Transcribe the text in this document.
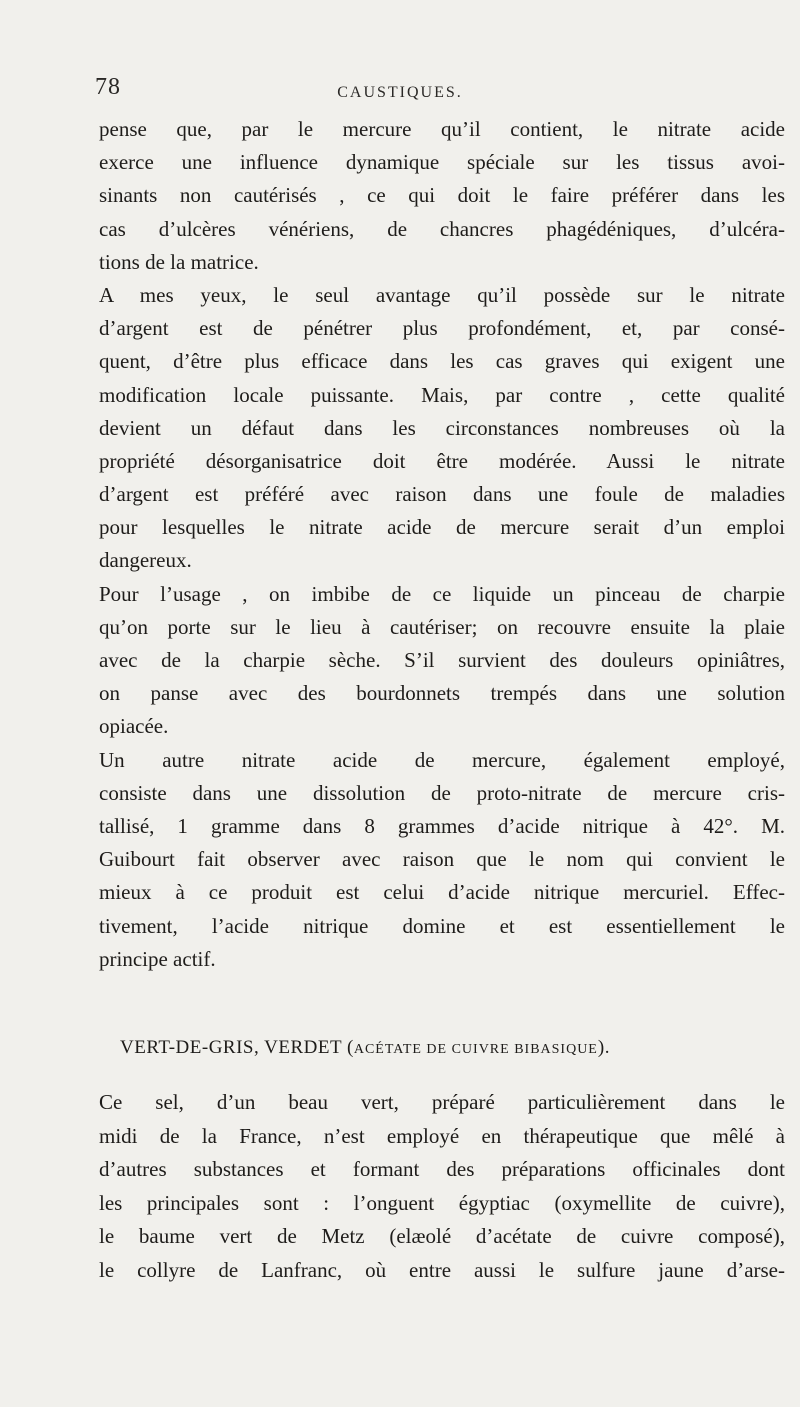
78	CAUSTIQUES.
pense que, par le mercure qu’il contient, le nitrate acide
exerce une influence dynamique spéciale sur les tissus avoi-
sinants non cautérisés , ce qui doit le faire préférer dans les
cas d’ulcères vénériens, de chancres phagédéniques, d’ulcéra-
tions de la matrice.
A mes yeux, le seul avantage qu’il possède sur le nitrate
d’argent est de pénétrer plus profondément, et, par consé-
quent, d’être plus efficace dans les cas graves qui exigent une
modification locale puissante. Mais, par contre , cette qualité
devient un défaut dans les circonstances nombreuses où la
propriété désorganisatrice doit être modérée. Aussi le nitrate
d’argent est préféré avec raison dans une foule de maladies
pour lesquelles le nitrate acide de mercure serait d’un emploi
dangereux.
Pour l’usage , on imbibe de ce liquide un pinceau de charpie
qu’on porte sur le lieu à cautériser; on recouvre ensuite la plaie
avec de la charpie sèche. S’il survient des douleurs opiniâtres,
on panse avec des bourdonnets trempés dans une solution
opiacée.
Un autre nitrate acide de mercure, également employé,
consiste dans une dissolution de proto-nitrate de mercure cris-
tallisé, 1 gramme dans 8 grammes d’acide nitrique à 42°. M.
Guibourt fait observer avec raison que le nom qui convient le
mieux à ce produit est celui d’acide nitrique mercuriel. Effec-
tivement, l’acide nitrique domine et est essentiellement le
principe actif.
VERT-DE-GRIS, VERDET (ACÉTATE DE CUIVRE BIBASIQUE).
Ce sel, d’un beau vert, préparé particulièrement dans le
midi de la France, n’est employé en thérapeutique que mêlé à
d’autres substances et formant des préparations officinales dont
les principales sont : l’onguent égyptiac (oxymellite de cuivre),
le baume vert de Metz (elæolé d’acétate de cuivre composé),
le collyre de Lanfranc, où entre aussi le sulfure jaune d’arse-
